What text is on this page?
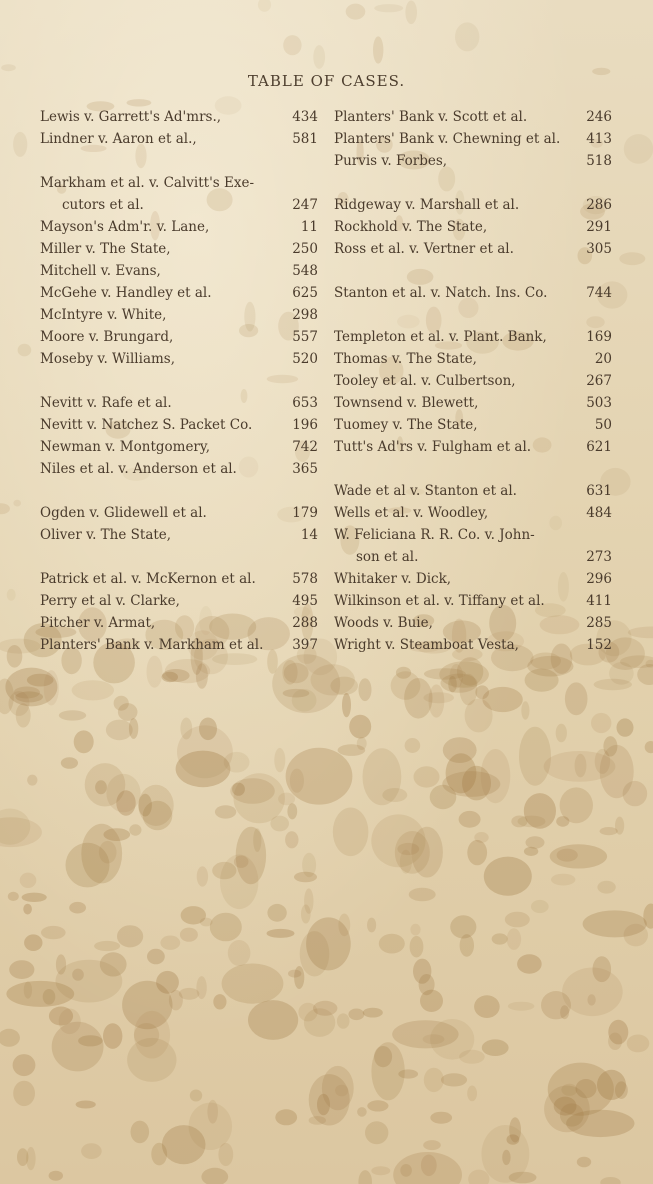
TABLE OF CASES.
Lewis v. Garrett's Ad'mrs.,	434
Lindner v. Aaron et al.,	581
Markham et al. v. Calvitt's Exe-
cutors et al.	247
Mayson's Adm'r. v. Lane,	11
Miller v. The State,	250
Mitchell v. Evans,	548
McGehe v. Handley et al.	625
McIntyre v. White,	298
Moore v. Brungard,	557
Moseby v. Williams,	520
Nevitt v. Rafe et al.	653
Nevitt v. Natchez S. Packet Co.	196
Newman v. Montgomery,	742
Niles et al. v. Anderson et al.	365
Ogden v. Glidewell et al.	179
Oliver v. The State,	14
Patrick et al. v. McKernon et al.	578
Perry et al v. Clarke,	495
Pitcher v. Armat,	288
Planters' Bank v. Markham et al. 397
Planters' Bank v. Scott et al.	246
Planters' Bank v. Chewning et al. 413
Purvis v. Forbes,	518
Ridgeway v. Marshall et al.	286
Rockhold v. The State,	291
Ross et al. v. Vertner et al.	305
Stanton et al. v. Natch. Ins. Co.	744
Templeton et al. v. Plant. Bank,	169
Thomas v. The State,	20
Tooley et al. v. Culbertson,	267
Townsend v. Blewett,	503
Tuomey v. The State,	50
Tutt's Ad'rs v. Fulgham et al.	621
Wade et al v. Stanton et al.	631
Wells et al. v. Woodley,	484
W. Feliciana R. R. Co. v. John-
son et al.	273
Whitaker v. Dick,	296
Wilkinson et al. v. Tiffany et al.	411
Woods v. Buie,	285
Wright v. Steamboat Vesta,	152
